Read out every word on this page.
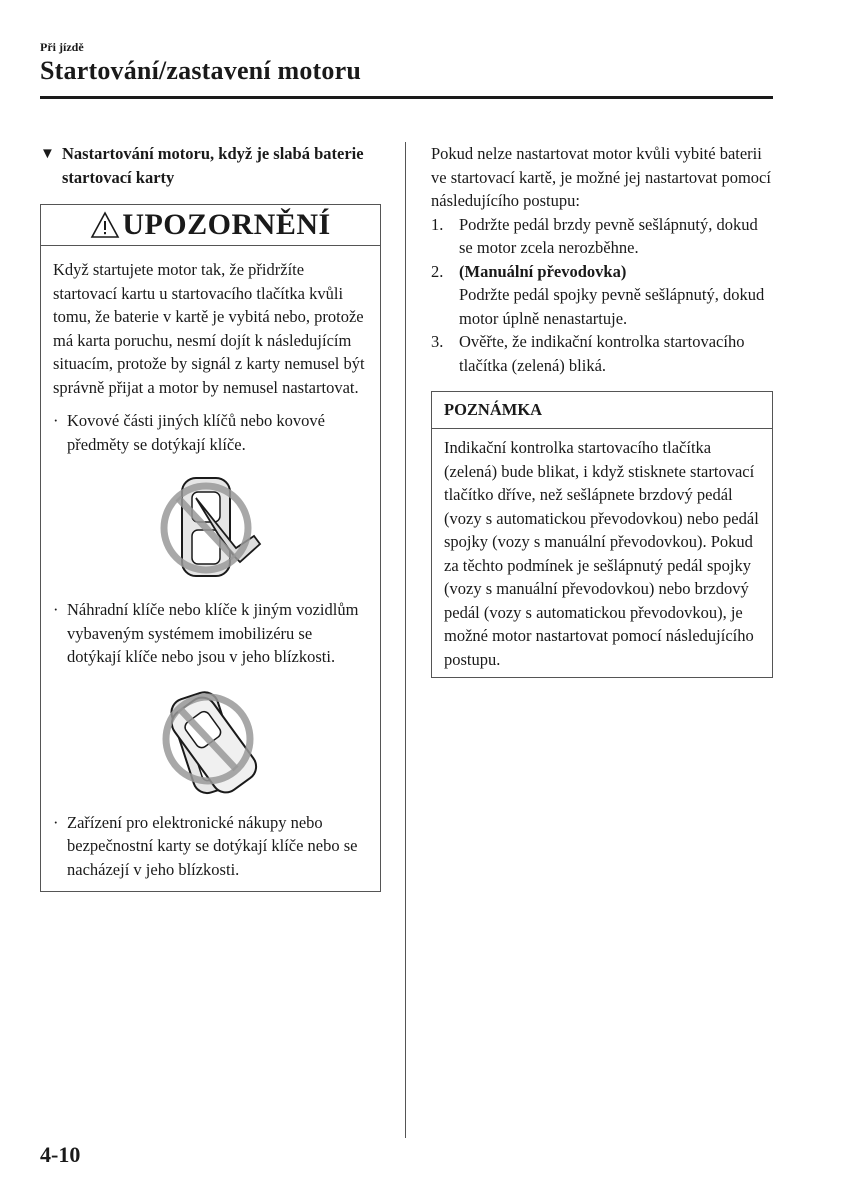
Při jízdě
Startování/zastavení motoru
▼ Nastartování motoru, když je slabá baterie startovací karty
UPOZORNĚNÍ
Když startujete motor tak, že přidržíte startovací kartu u startovacího tlačítka kvůli tomu, že baterie v kartě je vybitá nebo, protože má karta poruchu, nesmí dojít k následujícím situacím, protože by signál z karty nemusel být správně přijat a motor by nemusel nastartovat.
· Kovové části jiných klíčů nebo kovové předměty se dotýkají klíče.
· Náhradní klíče nebo klíče k jiným vozidlům vybaveným systémem imobilizéru se dotýkají klíče nebo jsou v jeho blízkosti.
· Zařízení pro elektronické nákupy nebo bezpečnostní karty se dotýkají klíče nebo se nacházejí v jeho blízkosti.
Pokud nelze nastartovat motor kvůli vybité baterii ve startovací kartě, je možné jej nastartovat pomocí následujícího postupu:
1. Podržte pedál brzdy pevně sešlápnutý, dokud se motor zcela nerozběhne.
2. (Manuální převodovka)
Podržte pedál spojky pevně sešlápnutý, dokud motor úplně nenastartuje.
3. Ověřte, že indikační kontrolka startovacího tlačítka (zelená) bliká.
POZNÁMKA
Indikační kontrolka startovacího tlačítka (zelená) bude blikat, i když stisknete startovací tlačítko dříve, než sešlápnete brzdový pedál (vozy s automatickou převodovkou) nebo pedál spojky (vozy s manuální převodovkou). Pokud za těchto podmínek je sešlápnutý pedál spojky (vozy s manuální převodovkou) nebo brzdový pedál (vozy s automatickou převodovkou), je možné motor nastartovat pomocí následujícího postupu.
4-10
